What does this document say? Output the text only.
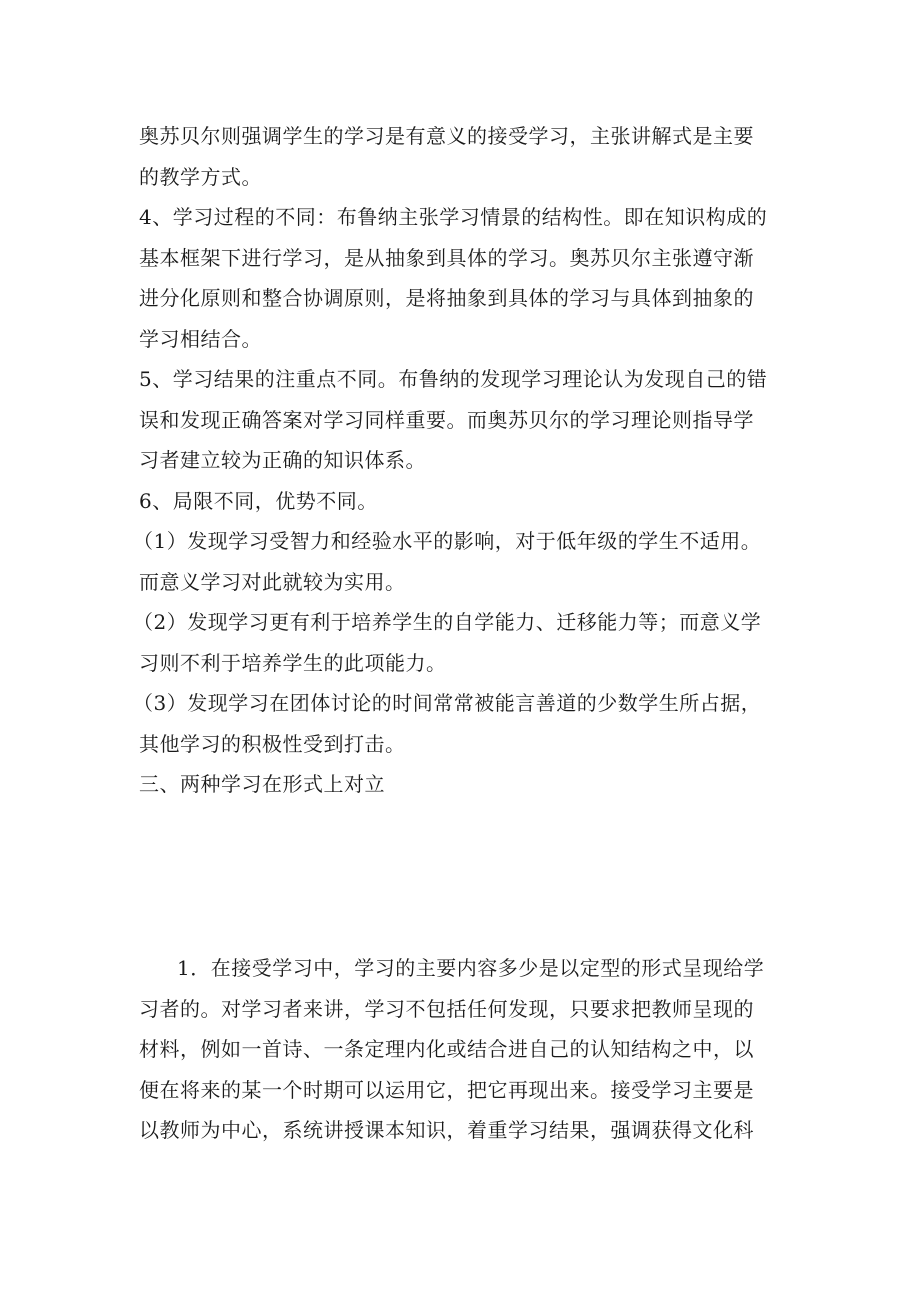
奥苏贝尔则强调学生的学习是有意义的接受学习，主张讲解式是主要
的教学方式。
4、学习过程的不同：布鲁纳主张学习情景的结构性。即在知识构成的
基本框架下进行学习，是从抽象到具体的学习。奥苏贝尔主张遵守渐
进分化原则和整合协调原则，是将抽象到具体的学习与具体到抽象的
学习相结合。
5、学习结果的注重点不同。布鲁纳的发现学习理论认为发现自己的错
误和发现正确答案对学习同样重要。而奥苏贝尔的学习理论则指导学
习者建立较为正确的知识体系。
6、局限不同，优势不同。
（1）发现学习受智力和经验水平的影响，对于低年级的学生不适用。
而意义学习对此就较为实用。
（2）发现学习更有利于培养学生的自学能力、迁移能力等；而意义学
习则不利于培养学生的此项能力。
（3）发现学习在团体讨论的时间常常被能言善道的少数学生所占据，
其他学习的积极性受到打击。
三、两种学习在形式上对立
1．在接受学习中，学习的主要内容多少是以定型的形式呈现给学
习者的。对学习者来讲，学习不包括任何发现，只要求把教师呈现的
材料，例如一首诗、一条定理内化或结合进自己的认知结构之中，以
便在将来的某一个时期可以运用它，把它再现出来。接受学习主要是
以教师为中心，系统讲授课本知识，着重学习结果，强调获得文化科
